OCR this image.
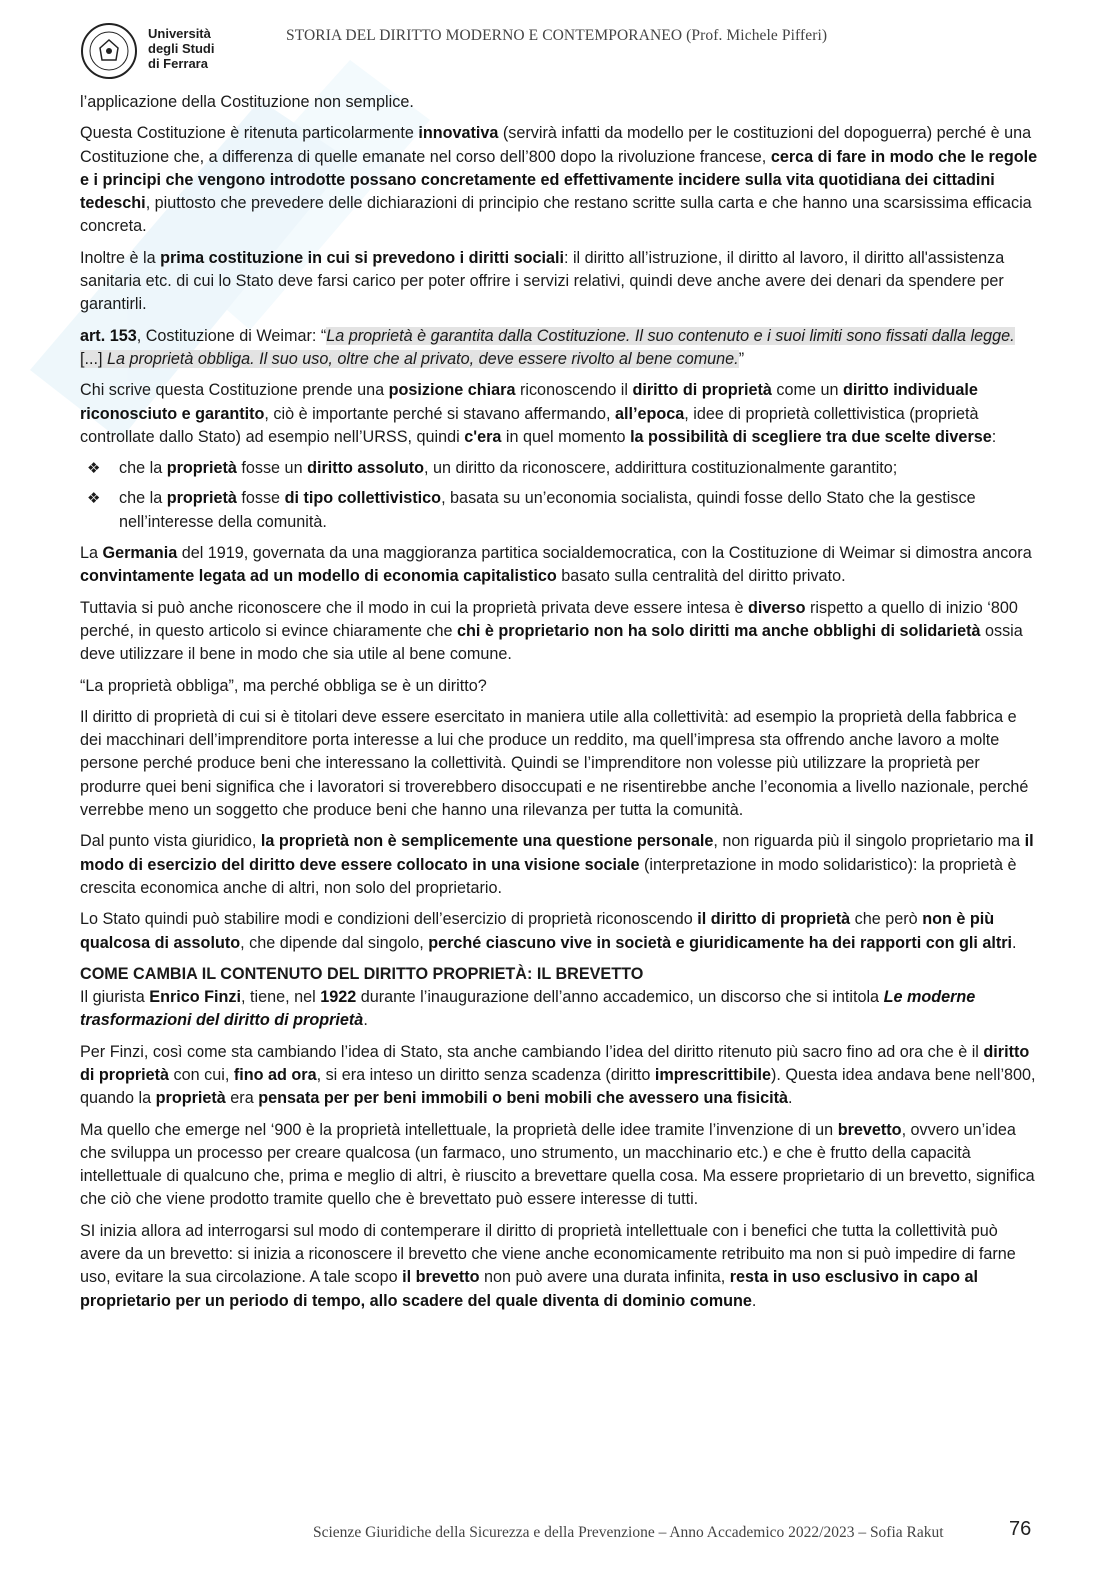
Università
degli Studi
di Ferrara
STORIA DEL DIRITTO MODERNO E CONTEMPORANEO (Prof. Michele Pifferi)

l’applicazione della Costituzione non semplice.

Questa Costituzione è ritenuta particolarmente innovativa (servirà infatti da modello per le costituzioni del dopoguerra) perché è una Costituzione che, a differenza di quelle emanate nel corso dell’800 dopo la rivoluzione francese, cerca di fare in modo che le regole e i principi che vengono introdotte possano concretamente ed effettivamente incidere sulla vita quotidiana dei cittadini tedeschi, piuttosto che prevedere delle dichiarazioni di principio che restano scritte sulla carta e che hanno una scarsissima efficacia concreta.

Inoltre è la prima costituzione in cui si prevedono i diritti sociali: il diritto all’istruzione, il diritto al lavoro, il diritto all'assistenza sanitaria etc. di cui lo Stato deve farsi carico per poter offrire i servizi relativi, quindi deve anche avere dei denari da spendere per garantirli.

art. 153, Costituzione di Weimar: “La proprietà è garantita dalla Costituzione. Il suo contenuto e i suoi limiti sono fissati dalla legge. [...] La proprietà obbliga. Il suo uso, oltre che al privato, deve essere rivolto al bene comune.”

Chi scrive questa Costituzione prende una posizione chiara riconoscendo il diritto di proprietà come un diritto individuale riconosciuto e garantito, ciò è importante perché si stavano affermando, all’epoca, idee di proprietà collettivistica (proprietà controllate dallo Stato) ad esempio nell’URSS, quindi c'era in quel momento la possibilità di scegliere tra due scelte diverse:

❖ che la proprietà fosse un diritto assoluto, un diritto da riconoscere, addirittura costituzionalmente garantito;
❖ che la proprietà fosse di tipo collettivistico, basata su un’economia socialista, quindi fosse dello Stato che la gestisce nell’interesse della comunità.

La Germania del 1919, governata da una maggioranza partitica socialdemocratica, con la Costituzione di Weimar si dimostra ancora convintamente legata ad un modello di economia capitalistico basato sulla centralità del diritto privato.

Tuttavia si può anche riconoscere che il modo in cui la proprietà privata deve essere intesa è diverso rispetto a quello di inizio ‘800 perché, in questo articolo si evince chiaramente che chi è proprietario non ha solo diritti ma anche obblighi di solidarietà ossia deve utilizzare il bene in modo che sia utile al bene comune.

“La proprietà obbliga”, ma perché obbliga se è un diritto?

Il diritto di proprietà di cui si è titolari deve essere esercitato in maniera utile alla collettività: ad esempio la proprietà della fabbrica e dei macchinari dell’imprenditore porta interesse a lui che produce un reddito, ma quell’impresa sta offrendo anche lavoro a molte persone perché produce beni che interessano la collettività. Quindi se l’imprenditore non volesse più utilizzare la proprietà per produrre quei beni significa che i lavoratori si troverebbero disoccupati e ne risentirebbe anche l’economia a livello nazionale, perché verrebbe meno un soggetto che produce beni che hanno una rilevanza per tutta la comunità.

Dal punto vista giuridico, la proprietà non è semplicemente una questione personale, non riguarda più il singolo proprietario ma il modo di esercizio del diritto deve essere collocato in una visione sociale (interpretazione in modo solidaristico): la proprietà è crescita economica anche di altri, non solo del proprietario.

Lo Stato quindi può stabilire modi e condizioni dell’esercizio di proprietà riconoscendo il diritto di proprietà che però non è più qualcosa di assoluto, che dipende dal singolo, perché ciascuno vive in società e giuridicamente ha dei rapporti con gli altri.

COME CAMBIA IL CONTENUTO DEL DIRITTO PROPRIETÀ: IL BREVETTO

Il giurista Enrico Finzi, tiene, nel 1922 durante l’inaugurazione dell’anno accademico, un discorso che si intitola Le moderne trasformazioni del diritto di proprietà.

Per Finzi, così come sta cambiando l’idea di Stato, sta anche cambiando l’idea del diritto ritenuto più sacro fino ad ora che è il diritto di proprietà con cui, fino ad ora, si era inteso un diritto senza scadenza (diritto imprescrittibile). Questa idea andava bene nell’800, quando la proprietà era pensata per per beni immobili o beni mobili che avessero una fisicità.

Ma quello che emerge nel ‘900 è la proprietà intellettuale, la proprietà delle idee tramite l’invenzione di un brevetto, ovvero un’idea che sviluppa un processo per creare qualcosa (un farmaco, uno strumento, un macchinario etc.) e che è frutto della capacità intellettuale di qualcuno che, prima e meglio di altri, è riuscito a brevettare quella cosa. Ma essere proprietario di un brevetto, significa che ciò che viene prodotto tramite quello che è brevettato può essere interesse di tutti.

SI inizia allora ad interrogarsi sul modo di contemperare il diritto di proprietà intellettuale con i benefici che tutta la collettività può avere da un brevetto: si inizia a riconoscere il brevetto che viene anche economicamente retribuito ma non si può impedire di farne uso, evitare la sua circolazione. A tale scopo il brevetto non può avere una durata infinita, resta in uso esclusivo in capo al proprietario per un periodo di tempo, allo scadere del quale diventa di dominio comune.

Scienze Giuridiche della Sicurezza e della Prevenzione – Anno Accademico 2022/2023 – Sofia Rakut	76
